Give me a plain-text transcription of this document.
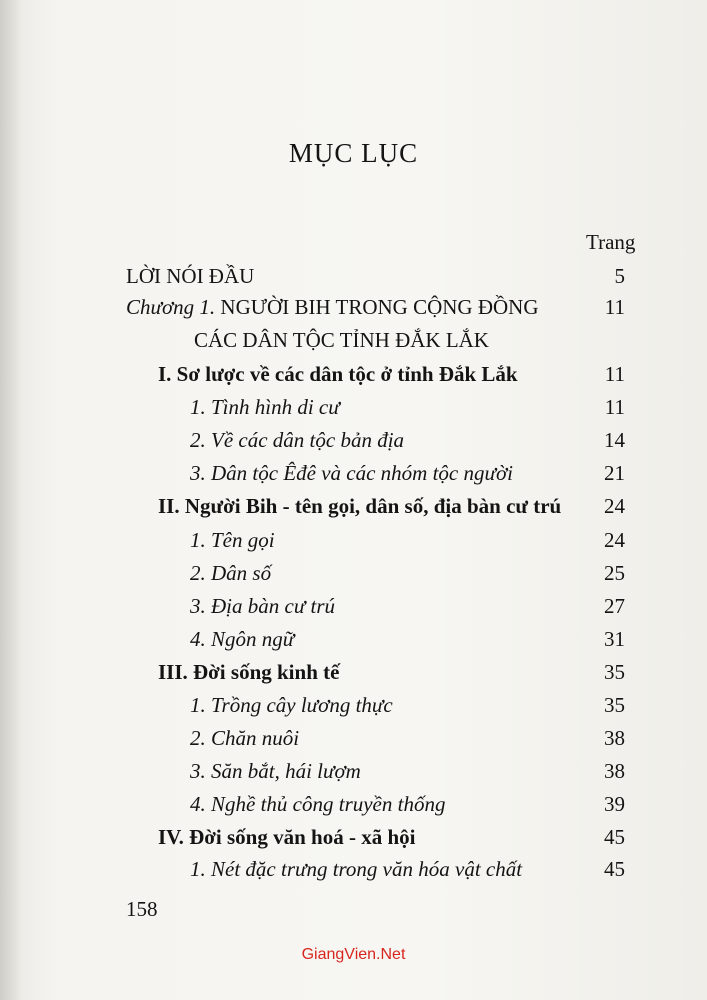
MỤC LỤC
Trang
LỜI NÓI ĐẦU	5
Chương 1. NGƯỜI BIH TRONG CỘNG ĐỒNG	11
CÁC DÂN TỘC TỈNH ĐẮK LẮK
I. Sơ lược về các dân tộc ở tỉnh Đắk Lắk	11
1. Tình hình di cư	11
2. Về các dân tộc bản địa	14
3. Dân tộc Êđê và các nhóm tộc người	21
II. Người Bih - tên gọi, dân số, địa bàn cư trú 24
1. Tên gọi	24
2. Dân số	25
3. Địa bàn cư trú	27
4. Ngôn ngữ	31
III. Đời sống kinh tế	35
1. Trồng cây lương thực	35
2. Chăn nuôi	38
3. Săn bắt, hái lượm	38
4. Nghề thủ công truyền thống	39
IV. Đời sống văn hoá - xã hội	45
1. Nét đặc trưng trong văn hóa vật chất	45
158
GiangVien.Net
